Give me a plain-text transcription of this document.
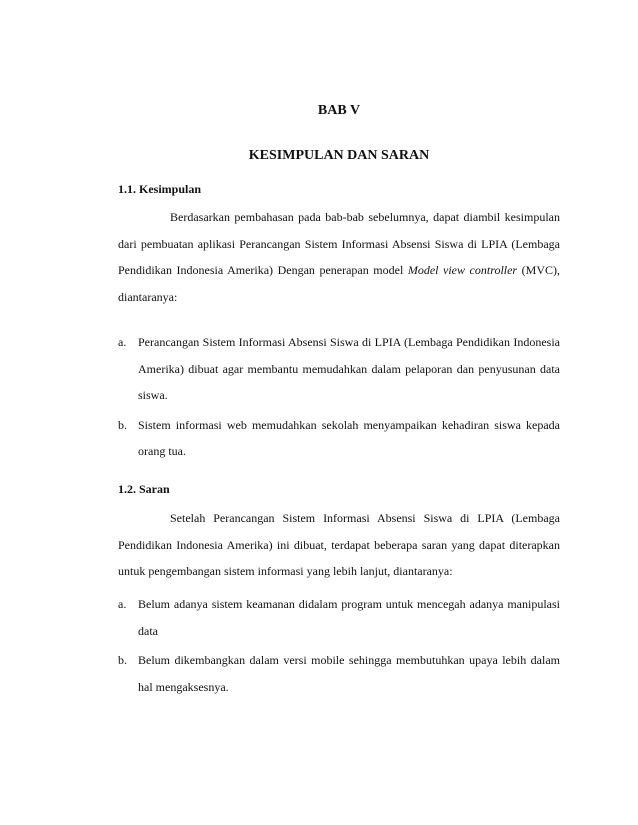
BAB V
KESIMPULAN DAN SARAN
1.1. Kesimpulan

Berdasarkan pembahasan pada bab-bab sebelumnya, dapat diambil kesimpulan dari pembuatan aplikasi Perancangan Sistem Informasi Absensi Siswa di LPIA (Lembaga Pendidikan Indonesia Amerika) Dengan penerapan model Model view controller (MVC), diantaranya:

a. Perancangan Sistem Informasi Absensi Siswa di LPIA (Lembaga Pendidikan Indonesia Amerika) dibuat agar membantu memudahkan dalam pelaporan dan penyusunan data siswa.
b. Sistem informasi web memudahkan sekolah menyampaikan kehadiran siswa kepada orang tua.
1.2. Saran

Setelah Perancangan Sistem Informasi Absensi Siswa di LPIA (Lembaga Pendidikan Indonesia Amerika) ini dibuat, terdapat beberapa saran yang dapat diterapkan untuk pengembangan sistem informasi yang lebih lanjut, diantaranya:

a. Belum adanya sistem keamanan didalam program untuk mencegah adanya manipulasi data
b. Belum dikembangkan dalam versi mobile sehingga membutuhkan upaya lebih dalam hal mengaksesnya.
